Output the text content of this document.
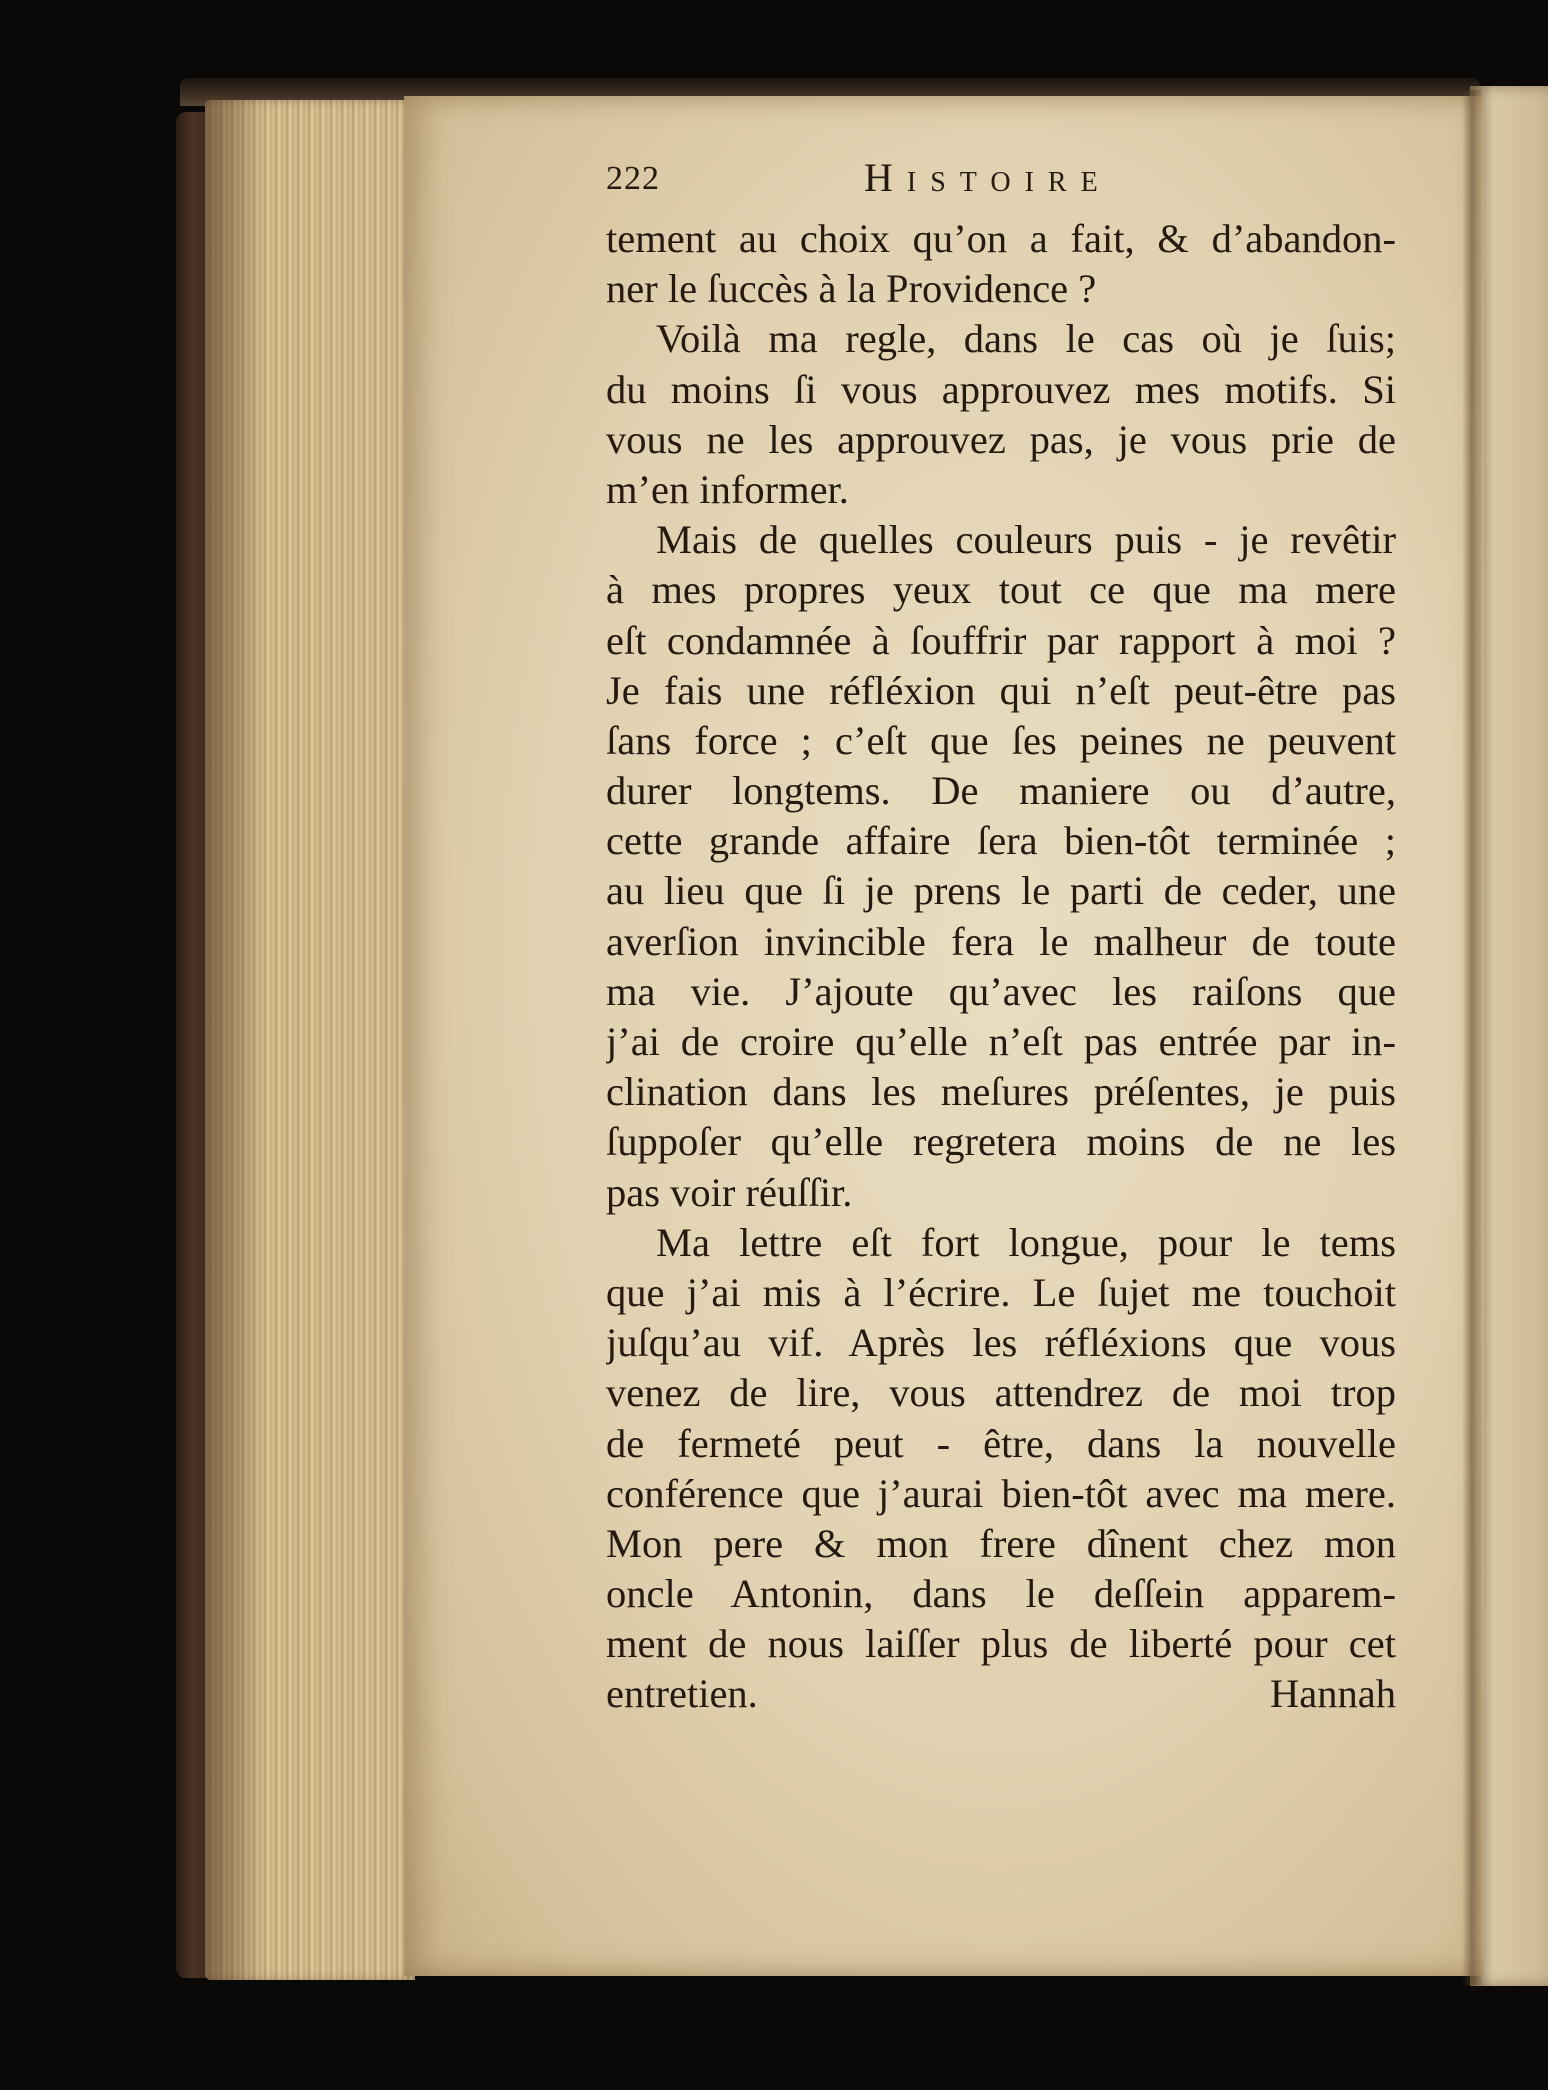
222	Histoire
tement au choix qu’on a fait, & d’abandon-
ner le ſuccès à la Providence ?
Voilà ma regle, dans le cas où je ſuis;
du moins ſi vous approuvez mes motifs. Si
vous ne les approuvez pas, je vous prie de
m’en informer.
Mais de quelles couleurs puis - je revêtir
à mes propres yeux tout ce que ma mere
eſt condamnée à ſouffrir par rapport à moi ?
Je fais une réfléxion qui n’eſt peut-être pas
ſans force ; c’eſt que ſes peines ne peuvent
durer longtems. De maniere ou d’autre,
cette grande affaire ſera bien-tôt terminée ;
au lieu que ſi je prens le parti de ceder, une
averſion invincible fera le malheur de toute
ma vie. J’ajoute qu’avec les raiſons que
j’ai de croire qu’elle n’eſt pas entrée par in-
clination dans les meſures préſentes, je puis
ſuppoſer qu’elle regretera moins de ne les
pas voir réuſſir.
Ma lettre eſt fort longue, pour le tems
que j’ai mis à l’écrire. Le ſujet me touchoit
juſqu’au vif. Après les réfléxions que vous
venez de lire, vous attendrez de moi trop
de fermeté peut - être, dans la nouvelle
conférence que j’aurai bien-tôt avec ma mere.
Mon pere & mon frere dînent chez mon
oncle Antonin, dans le deſſein apparem-
ment de nous laiſſer plus de liberté pour cet
entretien.	Hannah
